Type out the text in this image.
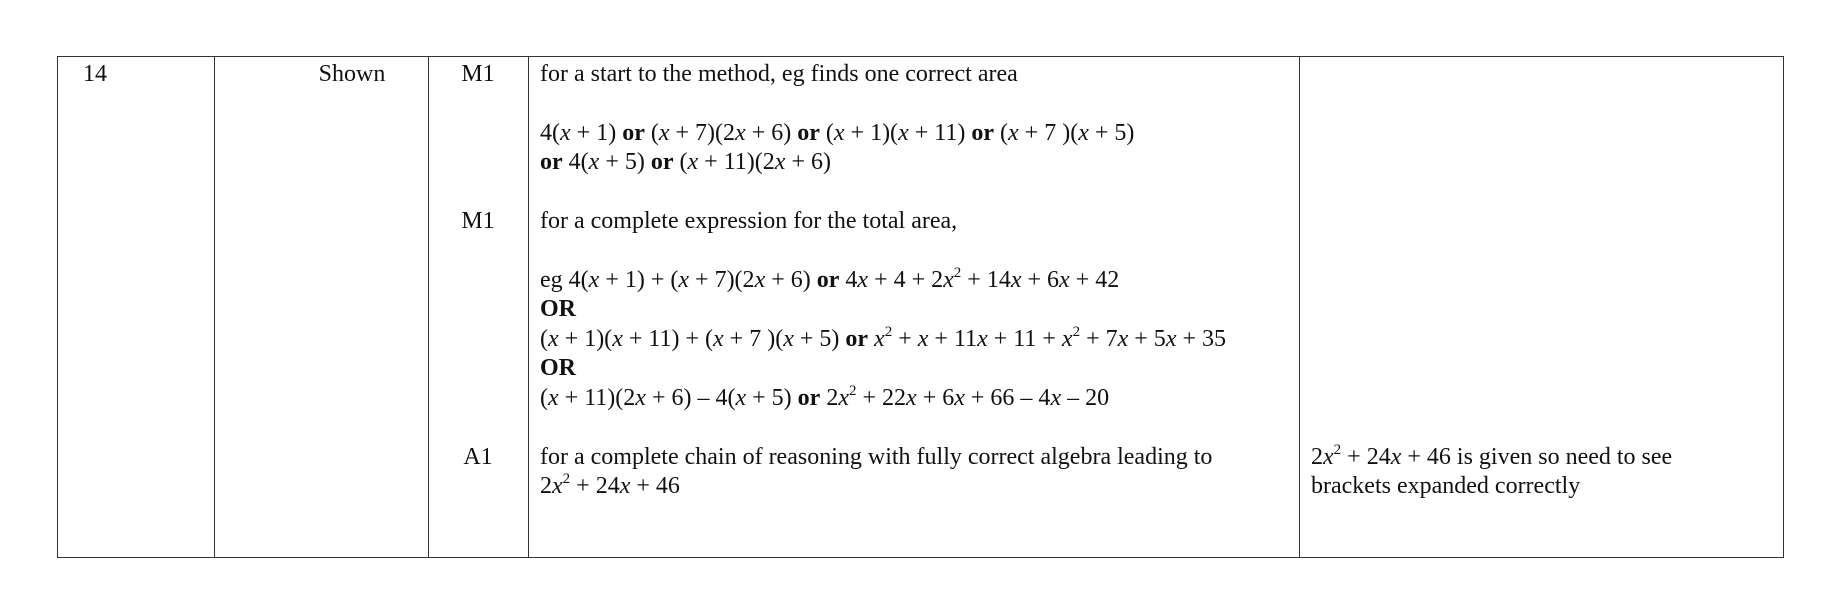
14	Shown	M1
M1
A1
for a start to the method, eg finds one correct area
4(x + 1) or (x + 7)(2x + 6) or (x + 1)(x + 11) or (x + 7 )(x + 5)
or 4(x + 5) or (x + 11)(2x + 6)
for a complete expression for the total area,
eg 4(x + 1) + (x + 7)(2x + 6) or $4x + 4 + 2x^2 + 14x + 6x + 42$
OR
(x + 1)(x + 11) + (x + 7 )(x + 5) or $x^2 + x + 11x + 11 + x^2 + 7x + 5x + 35$
OR
(x + 11)(2x + 6) – 4(x + 5) or $2x^2 + 22x + 6x + 66 - 4x - 20$
for a complete chain of reasoning with fully correct algebra leading to
$2x^2 + 24x + 46$
$2x^2 + 24x + 46$ is given so need to see
brackets expanded correctly
